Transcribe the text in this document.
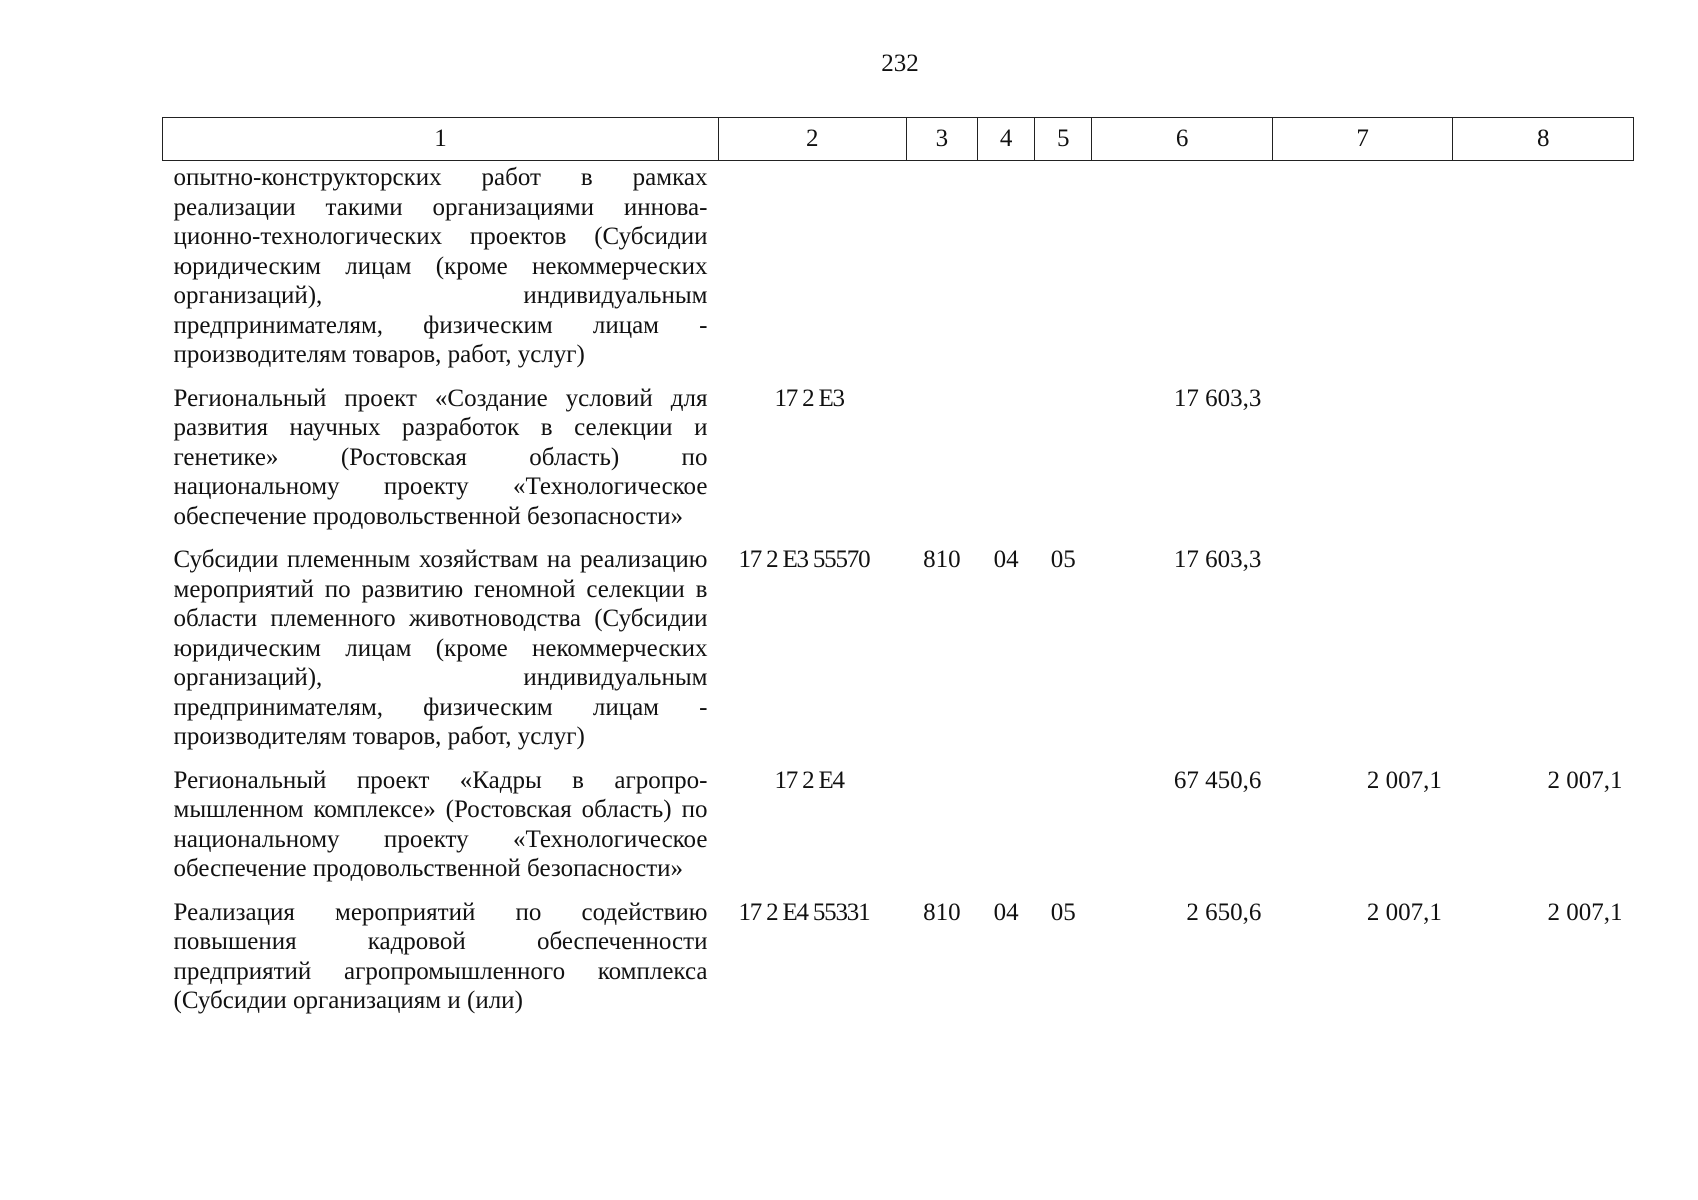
232
1	2	3	4	5	6	7	8
опытно-конструкторских работ в рамках реализации такими организациями инновационно-технологических проектов (Субсидии юридическим лицам (кроме некоммерческих организаций), индивидуальным предпринимателям, физическим лицам - производителям товаров, работ, услуг)							
Региональный проект «Создание условий для развития научных разработок в селекции и генетике» (Ростовская область) по национальному проекту «Технологическое обеспечение продовольственной безопасности»	17 2 E3				17 603,3		
Субсидии племенным хозяйствам на реализацию мероприятий по развитию геномной селекции в области племенного животноводства (Субсидии юридическим лицам (кроме некоммерческих организаций), индивидуальным предпринимателям, физическим лицам - производителям товаров, работ, услуг)	17 2 E3 55570	810	04	05	17 603,3		
Региональный проект «Кадры в агропромышленном комплексе» (Ростовская область) по национальному проекту «Технологическое обеспечение продовольственной безопасности»	17 2 E4				67 450,6	2 007,1	2 007,1
Реализация мероприятий по содействию повышения кадровой обеспеченности предприятий агропромышленного комплекса (Субсидии организациям и (или)	17 2 E4 55331	810	04	05	2 650,6	2 007,1	2 007,1
